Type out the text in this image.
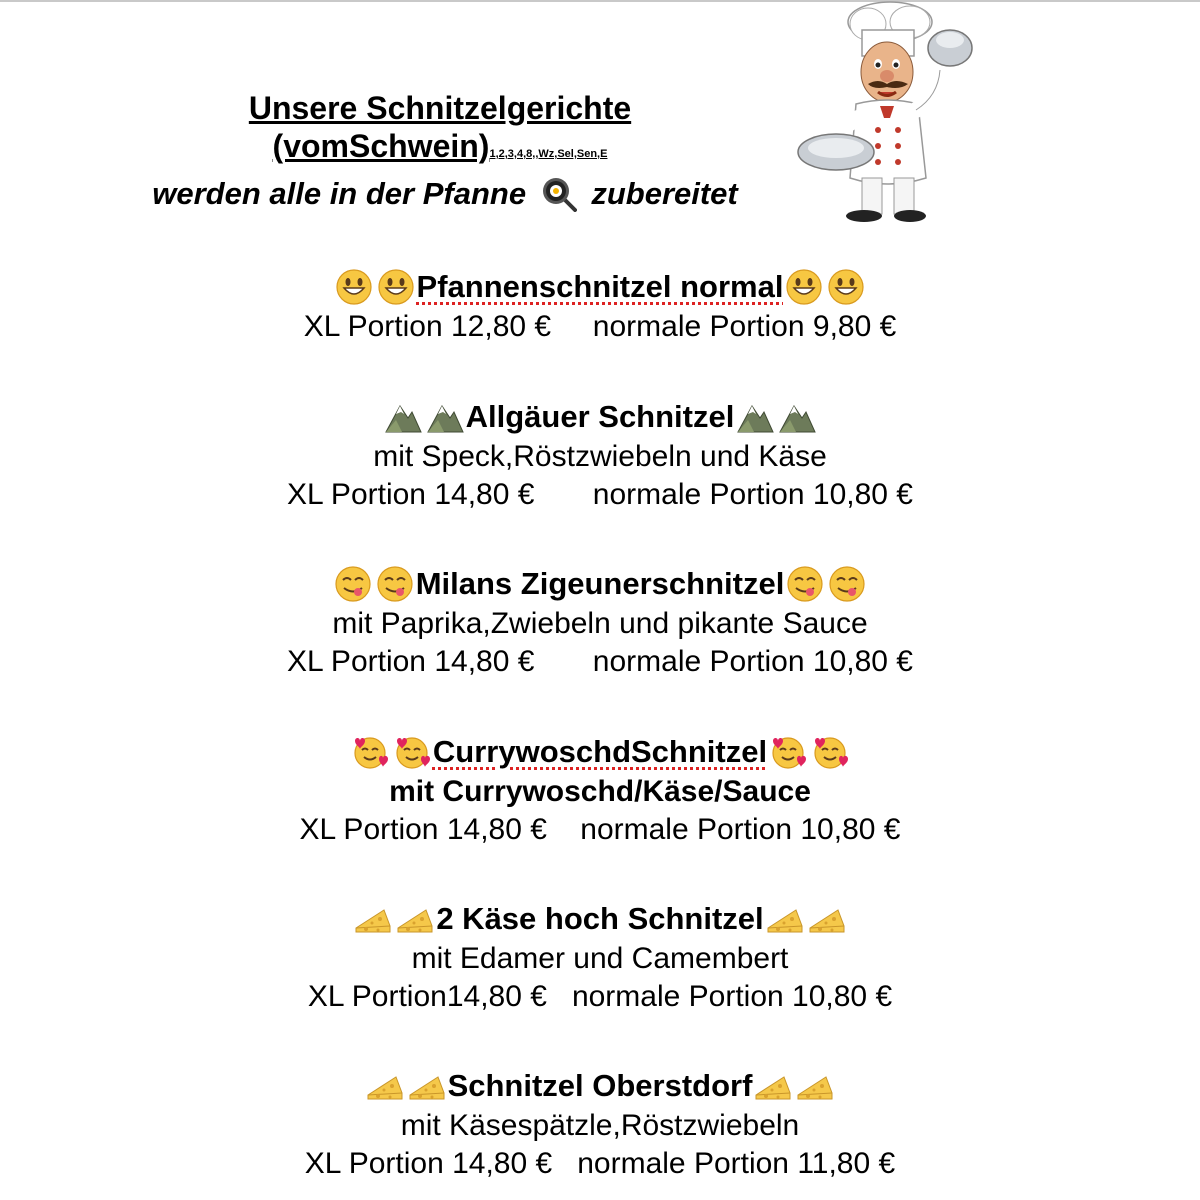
Unsere Schnitzelgerichte
(vomSchwein)1,2,3,4,8,,Wz,Sel,Sen,E
werden alle in der Pfanne zubereitet
Pfannenschnitzel normal
XL Portion 12,80 € normale Portion 9,80 €
Allgäuer Schnitzel
mit Speck,Röstzwiebeln und Käse
XL Portion 14,80 € normale Portion 10,80 €
Milans Zigeunerschnitzel
mit Paprika,Zwiebeln und pikante Sauce
XL Portion 14,80 € normale Portion 10,80 €
CurrywoschdSchnitzel
mit Currywoschd/Käse/Sauce
XL Portion 14,80 € normale Portion 10,80 €
2 Käse hoch Schnitzel
mit Edamer und Camembert
XL Portion14,80 € normale Portion 10,80 €
Schnitzel Oberstdorf
mit Käsespätzle,Röstzwiebeln
XL Portion 14,80 € normale Portion 11,80 €
